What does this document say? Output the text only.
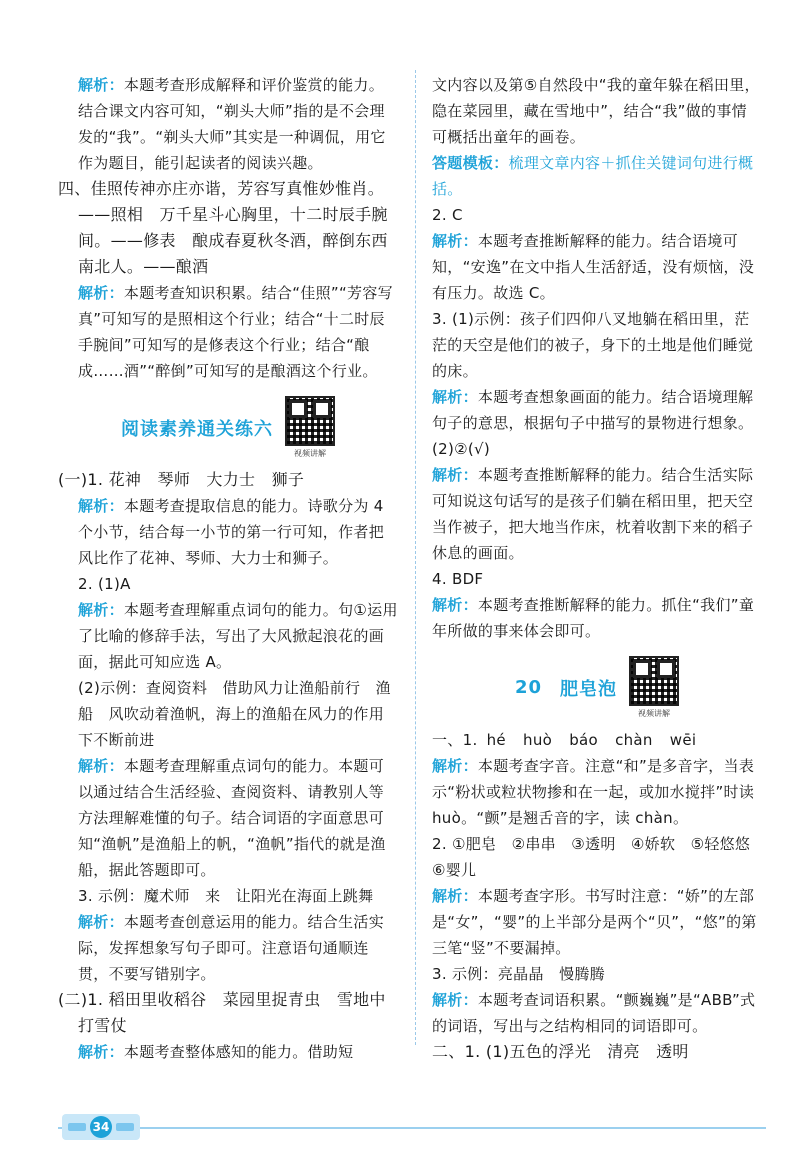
解析：本题考查形成解释和评价鉴赏的能力。结合课文内容可知，“剃头大师”指的是不会理发的“我”。“剃头大师”其实是一种调侃，用它作为题目，能引起读者的阅读兴趣。

四、佳照传神亦庄亦谐，芳容写真惟妙惟肖。——照相　万千星斗心胸里，十二时辰手腕间。——修表　酿成春夏秋冬酒，醉倒东西南北人。——酿酒

解析：本题考查知识积累。结合“佳照”“芳容写真”可知写的是照相这个行业；结合“十二时辰手腕间”可知写的是修表这个行业；结合“酿成……酒”“醉倒”可知写的是酿酒这个行业。

阅读素养通关练六
视频讲解

(一)1. 花神　琴师　大力士　狮子

解析：本题考查提取信息的能力。诗歌分为 4 个小节，结合每一小节的第一行可知，作者把风比作了花神、琴师、大力士和狮子。

2. (1)A

解析：本题考查理解重点词句的能力。句①运用了比喻的修辞手法，写出了大风掀起浪花的画面，据此可知应选 A。

(2)示例：查阅资料　借助风力让渔船前行　渔船　风吹动着渔帆，海上的渔船在风力的作用下不断前进

解析：本题考查理解重点词句的能力。本题可以通过结合生活经验、查阅资料、请教别人等方法理解难懂的句子。结合词语的字面意思可知“渔帆”是渔船上的帆，“渔帆”指代的就是渔船，据此答题即可。

3. 示例：魔术师　来　让阳光在海面上跳舞

解析：本题考查创意运用的能力。结合生活实际，发挥想象写句子即可。注意语句通顺连贯，不要写错别字。

(二)1. 稻田里收稻谷　菜园里捉青虫　雪地中打雪仗

解析：本题考查整体感知的能力。借助短

文内容以及第⑤自然段中“我的童年躲在稻田里，隐在菜园里，藏在雪地中”，结合“我”做的事情可概括出童年的画卷。

答题模板：梳理文章内容＋抓住关键词句进行概括。

2. C

解析：本题考查推断解释的能力。结合语境可知，“安逸”在文中指人生活舒适，没有烦恼，没有压力。故选 C。

3. (1)示例：孩子们四仰八叉地躺在稻田里，茫茫的天空是他们的被子，身下的土地是他们睡觉的床。

解析：本题考查想象画面的能力。结合语境理解句子的意思，根据句子中描写的景物进行想象。

(2)②(√)

解析：本题考查推断解释的能力。结合生活实际可知说这句话写的是孩子们躺在稻田里，把天空当作被子，把大地当作床，枕着收割下来的稻子休息的画面。

4. BDF

解析：本题考查推断解释的能力。抓住“我们”童年所做的事来体会即可。

20 肥皂泡
视频讲解

一、1. hé huò báo chàn wēi

解析：本题考查字音。注意“和”是多音字，当表示“粉状或粒状物掺和在一起，或加水搅拌”时读 huò。“颤”是翘舌音的字，读 chàn。

2. ①肥皂　②串串　③透明　④娇软　⑤轻悠悠　⑥婴儿

解析：本题考查字形。书写时注意：“娇”的左部是“女”，“婴”的上半部分是两个“贝”，“悠”的第三笔“竖”不要漏掉。

3. 示例：亮晶晶　慢腾腾

解析：本题考查词语积累。“颤巍巍”是“ABB”式的词语，写出与之结构相同的词语即可。

二、1. (1)五色的浮光　清亮　透明

34
